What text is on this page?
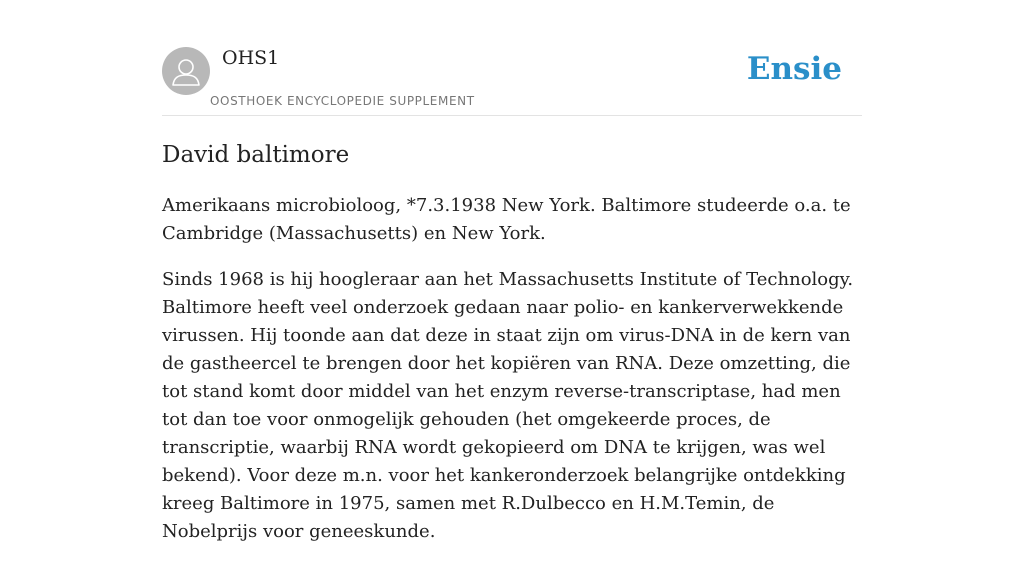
OHS1
OOSTHOEK ENCYCLOPEDIE SUPPLEMENT
Ensie
David baltimore

Amerikaans microbioloog, *7.3.1938 New York. Baltimore studeerde o.a. te Cambridge (Massachusetts) en New York.

Sinds 1968 is hij hoogleraar aan het Massachusetts Institute of Technology. Baltimore heeft veel onderzoek gedaan naar polio- en kankerverwekkende virussen. Hij toonde aan dat deze in staat zijn om virus-DNA in de kern van de gastheercel te brengen door het kopiëren van RNA. Deze omzetting, die tot stand komt door middel van het enzym reverse-transcriptase, had men tot dan toe voor onmogelijk gehouden (het omgekeerde proces, de transcriptie, waarbij RNA wordt gekopieerd om DNA te krijgen, was wel bekend). Voor deze m.n. voor het kankeronderzoek belangrijke ontdekking kreeg Baltimore in 1975, samen met R.Dulbecco en H.M.Temin, de Nobelprijs voor geneeskunde.
